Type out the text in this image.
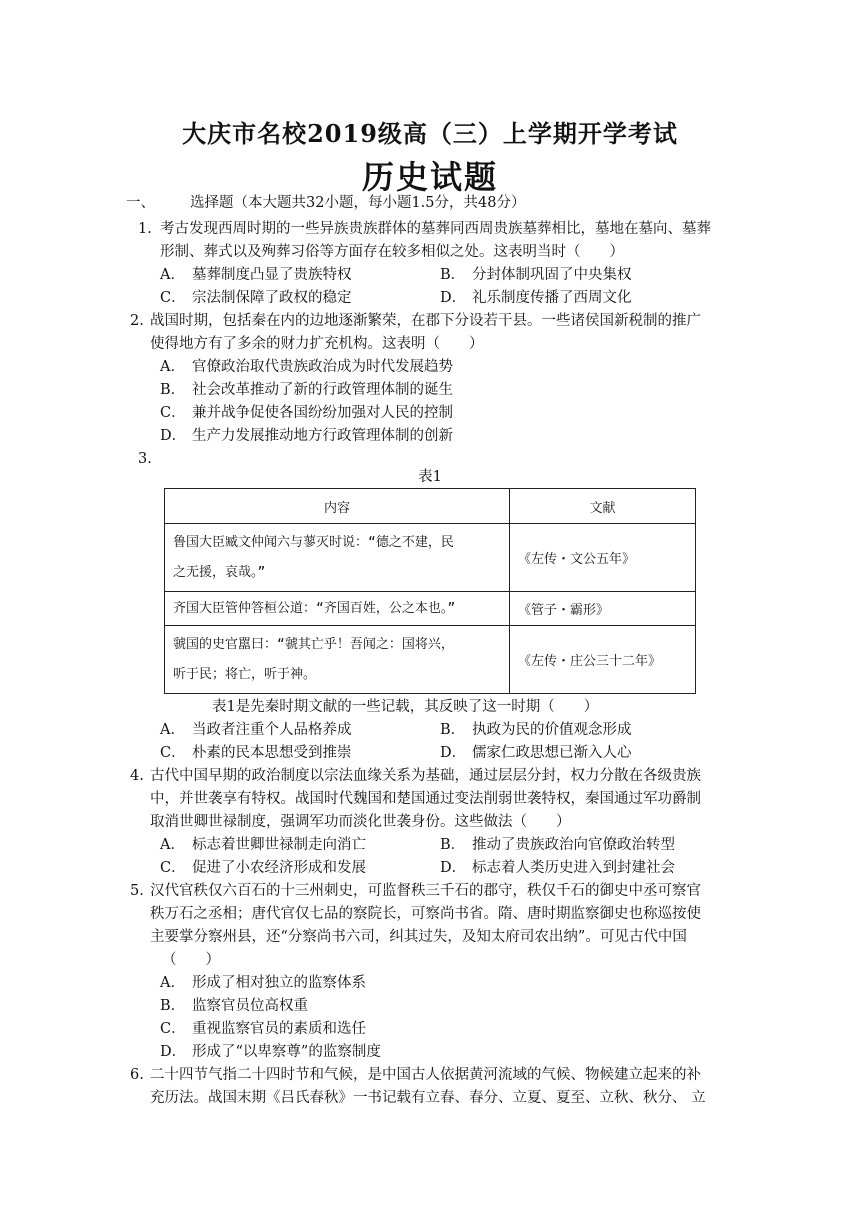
大庆市名校2019级高（三）上学期开学考试
历史试题
一、 选择题（本大题共32小题，每小题1.5分，共48分）
1. 考古发现西周时期的一些异族贵族群体的墓葬同西周贵族墓葬相比，墓地在墓向、墓葬
形制、葬式以及殉葬习俗等方面存在较多相似之处。这表明当时（　　）
A． 墓葬制度凸显了贵族特权	B． 分封体制巩固了中央集权
C． 宗法制保障了政权的稳定	D． 礼乐制度传播了西周文化
2. 战国时期，包括秦在内的边地逐渐繁荣，在郡下分设若干县。一些诸侯国新税制的推广
使得地方有了多余的财力扩充机构。这表明（　　）
A． 官僚政治取代贵族政治成为时代发展趋势
B． 社会改革推动了新的行政管理体制的诞生
C． 兼并战争促使各国纷纷加强对人民的控制
D． 生产力发展推动地方行政管理体制的创新
3.
表1
内容	文献

鲁国大臣臧文仲闻六与蓼灭时说：“德之不建，民
之无援，哀哉。”	《左传・文公五年》

齐国大臣管仲答桓公道：“齐国百姓，公之本也。”	《管子・霸形》

虢国的史官嚚曰：“虢其亡乎！吾闻之：国将兴，
听于民；将亡，听于神。	《左传・庄公三十二年》
表1是先秦时期文献的一些记载，其反映了这一时期（　　）
A． 当政者注重个人品格养成	B． 执政为民的价值观念形成
C． 朴素的民本思想受到推崇	D． 儒家仁政思想已渐入人心
4. 古代中国早期的政治制度以宗法血缘关系为基础，通过层层分封，权力分散在各级贵族
中，并世袭享有特权。战国时代魏国和楚国通过变法削弱世袭特权，秦国通过军功爵制
取消世卿世禄制度，强调军功而淡化世袭身份。这些做法（　　）
A． 标志着世卿世禄制走向消亡	B． 推动了贵族政治向官僚政治转型
C． 促进了小农经济形成和发展	D． 标志着人类历史进入到封建社会
5. 汉代官秩仅六百石的十三州刺史，可监督秩三千石的郡守，秩仅千石的御史中丞可察官
秩万石之丞相；唐代官仅七品的察院长，可察尚书省。隋、唐时期监察御史也称巡按使
主要掌分察州县，还“分察尚书六司，纠其过失，及知太府司农出纳”。可见古代中国
（　　）
A． 形成了相对独立的监察体系
B． 监察官员位高权重
C． 重视监察官员的素质和选任
D． 形成了“以卑察尊”的监察制度
6. 二十四节气指二十四时节和气候，是中国古人依据黄河流域的气候、物候建立起来的补
充历法。战国末期《吕氏春秋》一书记载有立春、春分、立夏、夏至、立秋、秋分、 立
